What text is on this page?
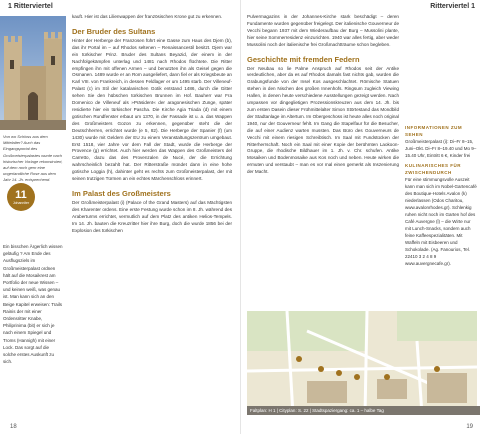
1 Ritterviertel
Von wo Schloss aus dem Mittelalter? Auch das Eingangsportal des Großmeisterpalastes wurde nach historischer Vorlage rekonstruiert, auf dem noch gern eine ungerlandliche Rose aus dem Jahr 14. Jh. entsprechend.
11
Johanniter
Ein bisschen Ärgerlich wissen geläufig ? Am Ende des Ausflugsziels im Großmeisterpalast ordnen hält auf die Mosaikrest am Portfolio der neue Wissen – und keinen weiß, was genau ist. Man kann sich an den Beige Kapitel erweisen: Trails Rainis der mit einer Ordensritter Knabe, Philiprinima (bit) er sich je nach einem Spiegel und Troms (Hannigh) mit einer Lock. Das sorgt auf die solche erstes Auskunft zu sich.

kauft. Hier ist das Lilienwappen der französischen Krone gut zu erkennen.

Der Bruder des Sultans

Hinter der Herberge der Franzosen führt eine Gasse zum Haus des Djem (b), das ihr Portal im – auf Rhodos seltenen – Renaissancestil besitzt. Djem war ein türkischer Prinz. Bruder des Sultans Beyazid, der einem in der Nachfolgekämpfen unterlag und 1481 nach Rhodos flüchtete. Die Ritter empfingen ihn mit offenen Armen – und benutzten ihn als Geisel gegen die Osmanen. 1489 wurde er an Rom ausgeliefert, dann fiel er als Kriegsbeute an Karl VIII. von Frankreich, in dessen Feldlager er um 1495 starb. Der Villeneuf-Palast (c) im Stil der katalanischen Gotik entstand 1486, durch die Gitter sehen Sie den hübschen türkischen Brunnen im Hof. Bauherr war Fra Domenico de Villeneuf als »Präsident« der aragonesischen Zunge, später residierte hier ein türkischer Pascha. Die Kirche Agia Triada (d) mit einem gotischen Rundfenster erbaut um 1370, in der Fassade ist u. a. das Wappen des Großmeisters Gozon zu erkennen, gegenüber steht die der Deutschherren, errichtet wurde (e 5, 82). Die Herberge der Spanier (f) (um 1430) wurde mit Geldern der EU zu einem Veranstaltungszentrum umgebaut. Erst 1518, vier Jahre vor dem Fall der Stadt, wurde die Herberge der Provence (g) errichtet. Auch hier werden das Wappen des Großmeisters del Carretto, dazu das des Provenzalen de Nucé, der die Errichtung wahrscheinlich bezahlt hat. Der Ritterstraße mündet dann in eine hohe gotische Loggia (h), dahinter geht es rechts zum Großmeisterpalast, der mit seinen trutzigen Türmen an ein echtes Märchenschloss erinnert.

Im Palast des Großmeisters

Der Großmeisterpalast (i) (Palace of the Grand Masters) auf das Mächtigsten des Kharenter ordens. Eine erste Festung wurde schon im 8. Jh. während des Araberturms errichtet, vermutlich auf dem Platz des antiken Helios-Tempels. Im 14. Jh. bauten die Kreuzritter hier ihre Burg, doch die wurde 1856 bei der Explosion des türkischen

18
Ritterviertel 1
19

Pulvermagazins in der Johannes-Kirche stark beschädigt – deren Fundamente wurden gegenüber freigelegt. Der italienische Gouverneur de Vecchi begann 1937 mit dem Wiederaufbau der Burg – Mussolini plante, hier seine Sommerresidenz einzurichten. 1940 war alles fertig, aber weder Mussolini noch der italienische frei Großmachtträume schon begleben.

Geschichte mit fremden Federn

Der Neubau so lie Palme Anspruch auf Rhodos seit der Antike verdeutlichen, aber da es auf Rhodos damals fast nichts gab, wurden die Grabungsfunde von der Insel Kos ausgeschlachtet. Römische Statuen stehen in den Nischen des großen Innenhofs. Ringsum zugleich Viewing Hallen, in denen heute verschiedene Ausstellungen gezeigt werden. Nach umpassen vor dingeglietigen Prozessionskreuzen aus dem 14. Jh. bis zum ersten Dasein dieser Frühmittelalter Simon Störtestand das Mondbild der Stadtanlage im Altertum. Im Obergeschoss ist heute alles noch original 1940, nur der Gouverneur fehlt. Im Gang die Stapelfaur für die Besucher, die auf einer Audienz warten mussten. Das Büro des Gouverneurs de Vecchi mit einem riesigen Schreibtisch. Im Saal mit Fundstücken der Ritterherrschaft. Noch ein Saal mit einer Kopie der berühmten Laokoon-Gruppe, die rhodische Bildhauer im 1. Jh. v. Chr. schufen. Antike Mosaiken und Bodenmosaike aus Kos noch und neben. Heute wirken die ermuten und verstaubt – man es vor mal einen gemerkt als Inszenierung der Macht.

INFORMATIONEN ZUM SEHEN

Großmeisterpalast (i): Di–Fr 8–15, Juni–Okt. Di–Fr 8–19.40 und Mo 9–15.40 Uhr, Eintritt 6 €, Kinder frei

KULINARISCHES FÜR ZWISCHENDURCH

Für eine stimmungsvolle Auszeit kann man sich im Nobel-Gartencafé des Boutique-Hotels Avalon (k) niederlassen (Odos Charitou, www.avalonrhodes.gr). Schlenkig ruhen nicht noch im Garten hof des Café Auvergne (l) – die Wirte nur mit Lunch-Snacks, sondern auch feine Kaffeespezialitäten. Mit Waffeln mit Eisbeeren und Schokolade. (Ag. Fanourios, Tel. 22410 3 2 4 8 9 www.auvergnecafe.gr).

Faltplan: H 1 | Cityplan: S. 22 | Stadtspaziergang: ca. 1 – halbe Tag
